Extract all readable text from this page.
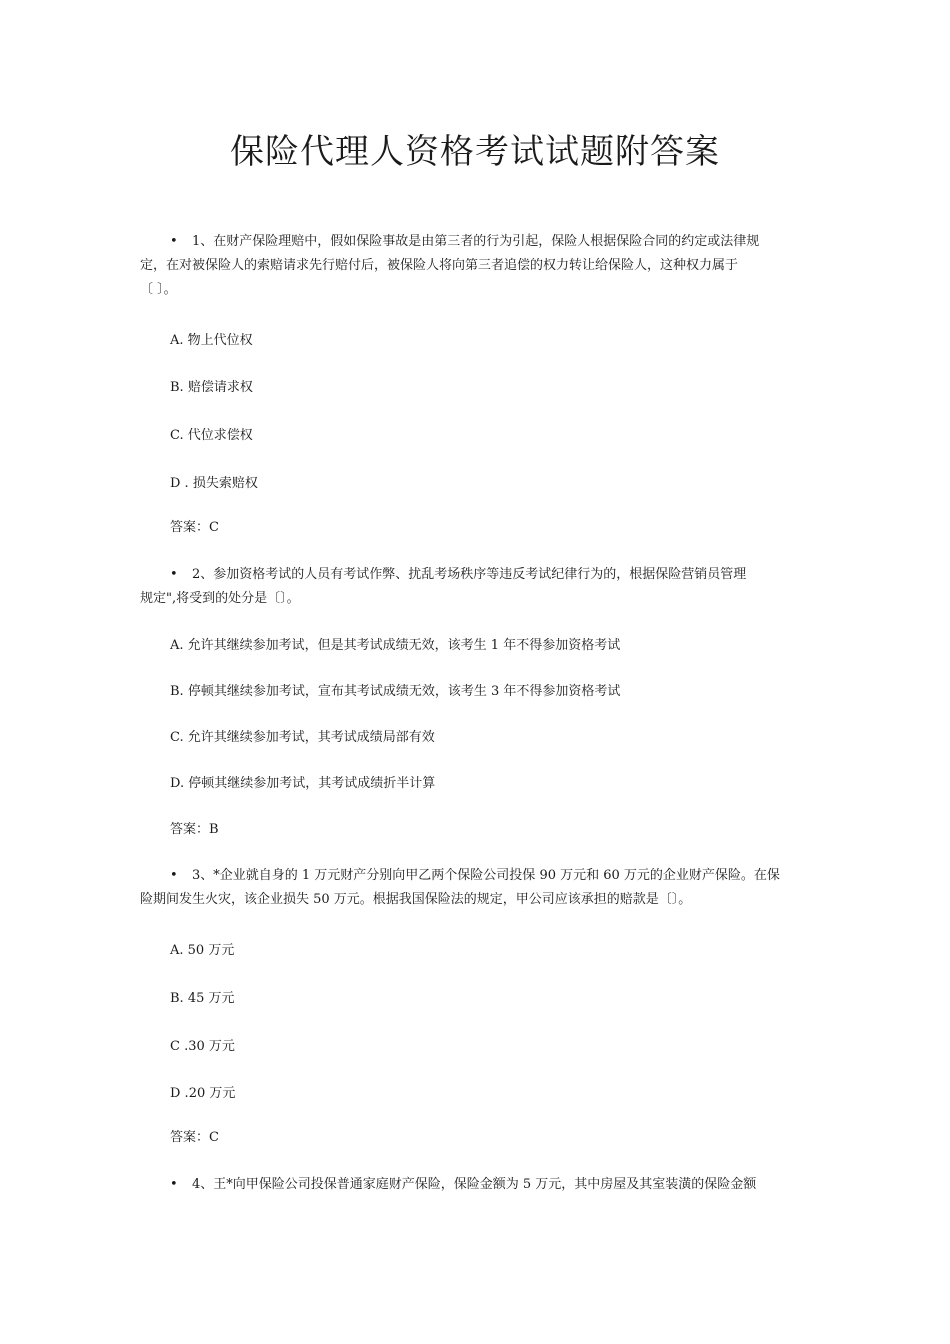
保险代理人资格考试试题附答案
• 1、在财产保险理赔中，假如保险事故是由第三者的行为引起，保险人根据保险合同的约定或法律规
定，在对被保险人的索赔请求先行赔付后，被保险人将向第三者追偿的权力转让给保险人，这种权力属于
〔 〕。

A. 物上代位权

B. 赔偿请求权

C. 代位求偿权

D . 损失索赔权

答案：C

• 2、参加资格考试的人员有考试作弊、扰乱考场秩序等违反考试纪律行为的，根据保险营销员管理
规定",将受到的处分是〔〕。

A. 允许其继续参加考试，但是其考试成绩无效，该考生 1 年不得参加资格考试

B. 停顿其继续参加考试，宣布其考试成绩无效，该考生 3 年不得参加资格考试

C. 允许其继续参加考试，其考试成绩局部有效

D. 停顿其继续参加考试，其考试成绩折半计算

答案：B

• 3、*企业就自身的 1 万元财产分别向甲乙两个保险公司投保 90 万元和 60 万元的企业财产保险。在保
险期间发生火灾，该企业损失 50 万元。根据我国保险法的规定，甲公司应该承担的赔款是〔〕。

A. 50 万元

B. 45 万元

C .30 万元

D .20 万元

答案：C

• 4、王*向甲保险公司投保普通家庭财产保险，保险金额为 5 万元，其中房屋及其室装潢的保险金额
